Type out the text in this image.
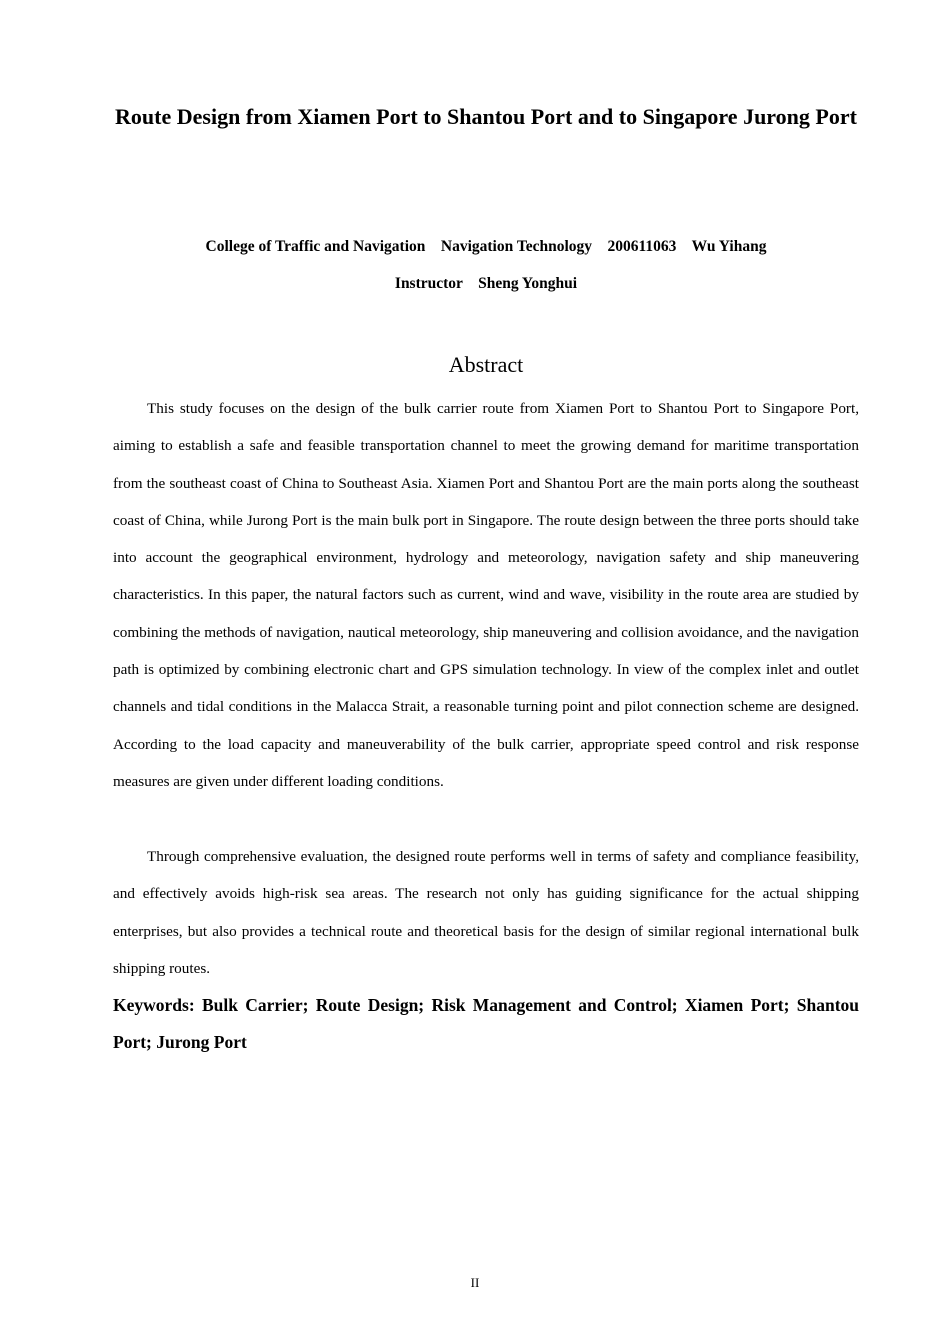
Route Design from Xiamen Port to Shantou Port and to Singapore Jurong Port
College of Traffic and Navigation    Navigation Technology    200611063    Wu Yihang
Instructor    Sheng Yonghui
Abstract

This study focuses on the design of the bulk carrier route from Xiamen Port to Shantou Port to Singapore Port, aiming to establish a safe and feasible transportation channel to meet the growing demand for maritime transportation from the southeast coast of China to Southeast Asia. Xiamen Port and Shantou Port are the main ports along the southeast coast of China, while Jurong Port is the main bulk port in Singapore. The route design between the three ports should take into account the geographical environment, hydrology and meteorology, navigation safety and ship maneuvering characteristics. In this paper, the natural factors such as current, wind and wave, visibility in the route area are studied by combining the methods of navigation, nautical meteorology, ship maneuvering and collision avoidance, and the navigation path is optimized by combining electronic chart and GPS simulation technology. In view of the complex inlet and outlet channels and tidal conditions in the Malacca Strait, a reasonable turning point and pilot connection scheme are designed. According to the load capacity and maneuverability of the bulk carrier, appropriate speed control and risk response measures are given under different loading conditions.

Through comprehensive evaluation, the designed route performs well in terms of safety and compliance feasibility, and effectively avoids high-risk sea areas. The research not only has guiding significance for the actual shipping enterprises, but also provides a technical route and theoretical basis for the design of similar regional international bulk shipping routes.

Keywords: Bulk Carrier; Route Design; Risk Management and Control; Xiamen Port; Shantou Port; Jurong Port

II
